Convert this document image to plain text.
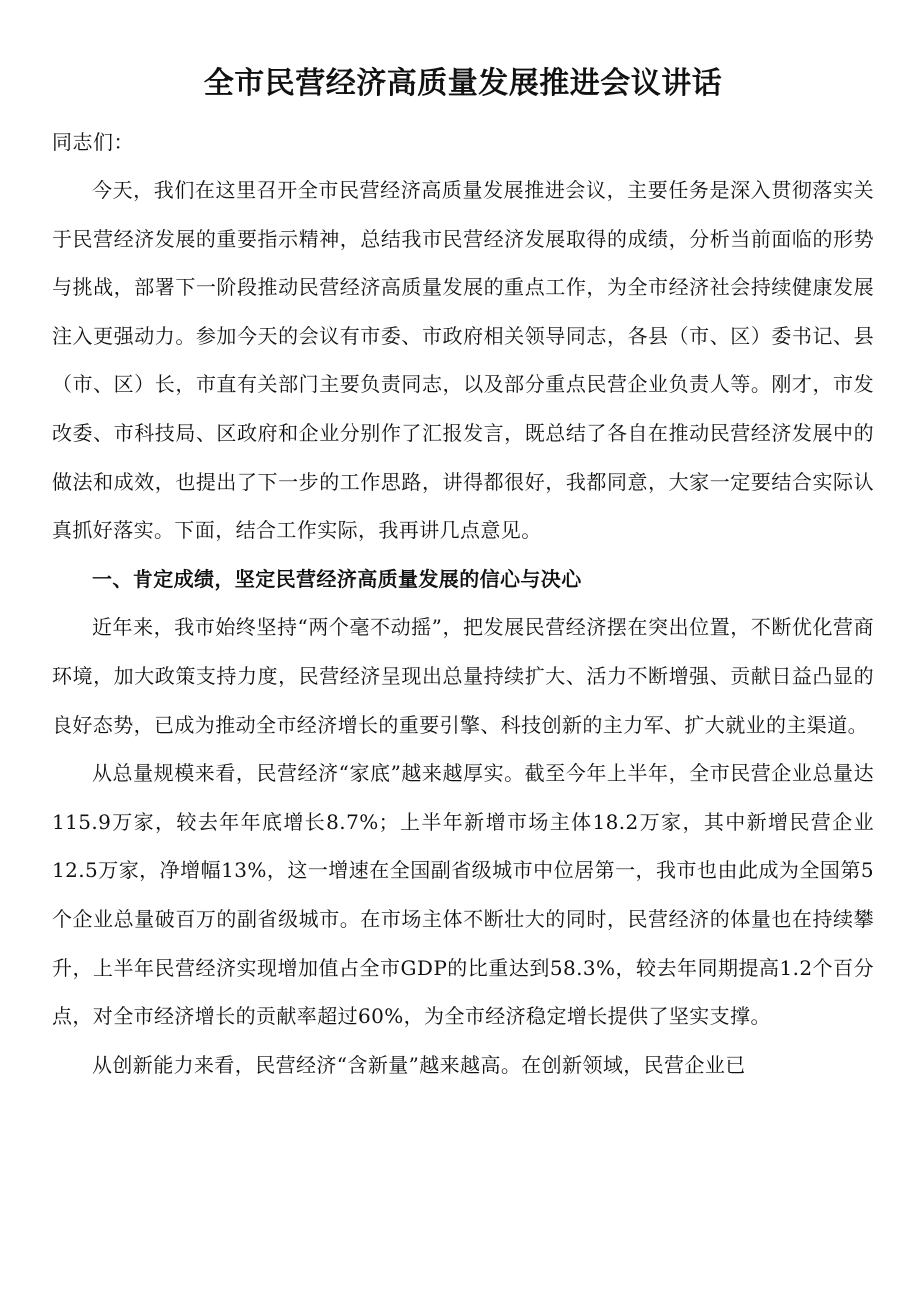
全市民营经济高质量发展推进会议讲话

同志们：

今天，我们在这里召开全市民营经济高质量发展推进会议，主要任务是深入贯彻落实关于民营经济发展的重要指示精神，总结我市民营经济发展取得的成绩，分析当前面临的形势与挑战，部署下一阶段推动民营经济高质量发展的重点工作，为全市经济社会持续健康发展注入更强动力。参加今天的会议有市委、市政府相关领导同志，各县（市、区）委书记、县（市、区）长，市直有关部门主要负责同志，以及部分重点民营企业负责人等。刚才，市发改委、市科技局、区政府和企业分别作了汇报发言，既总结了各自在推动民营经济发展中的做法和成效，也提出了下一步的工作思路，讲得都很好，我都同意，大家一定要结合实际认真抓好落实。下面，结合工作实际，我再讲几点意见。

一、肯定成绩，坚定民营经济高质量发展的信心与决心

近年来，我市始终坚持“两个毫不动摇”，把发展民营经济摆在突出位置，不断优化营商环境，加大政策支持力度，民营经济呈现出总量持续扩大、活力不断增强、贡献日益凸显的良好态势，已成为推动全市经济增长的重要引擎、科技创新的主力军、扩大就业的主渠道。

从总量规模来看，民营经济“家底”越来越厚实。截至今年上半年，全市民营企业总量达115.9万家，较去年年底增长8.7%；上半年新增市场主体18.2万家，其中新增民营企业12.5万家，净增幅13%，这一增速在全国副省级城市中位居第一，我市也由此成为全国第5个企业总量破百万的副省级城市。在市场主体不断壮大的同时，民营经济的体量也在持续攀升，上半年民营经济实现增加值占全市GDP的比重达到58.3%，较去年同期提高1.2个百分点，对全市经济增长的贡献率超过60%，为全市经济稳定增长提供了坚实支撑。

从创新能力来看，民营经济“含新量”越来越高。在创新领域，民营企业已
